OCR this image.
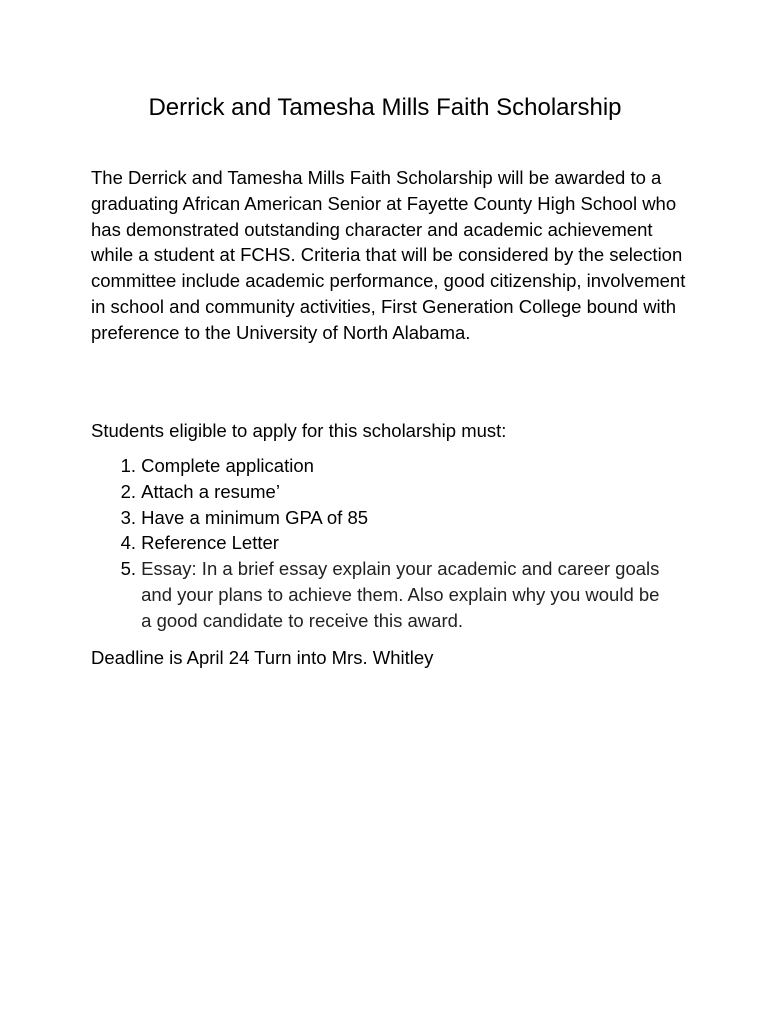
Derrick and Tamesha Mills Faith Scholarship

The Derrick and Tamesha Mills Faith Scholarship will be awarded to a graduating African American Senior at Fayette County High School who has demonstrated outstanding character and academic achievement while a student at FCHS. Criteria that will be considered by the selection committee include academic performance, good citizenship, involvement in school and community activities, First Generation College bound with preference to the University of North Alabama.

Students eligible to apply for this scholarship must:

1.
Complete application
2.
Attach a resume’
3.
Have a minimum GPA of 85
4.
Reference Letter
5.
Essay: In a brief essay explain your academic and career goals and your plans to achieve them. Also explain why you would be a good candidate to receive this award.

Deadline is April 24 Turn into Mrs. Whitley
